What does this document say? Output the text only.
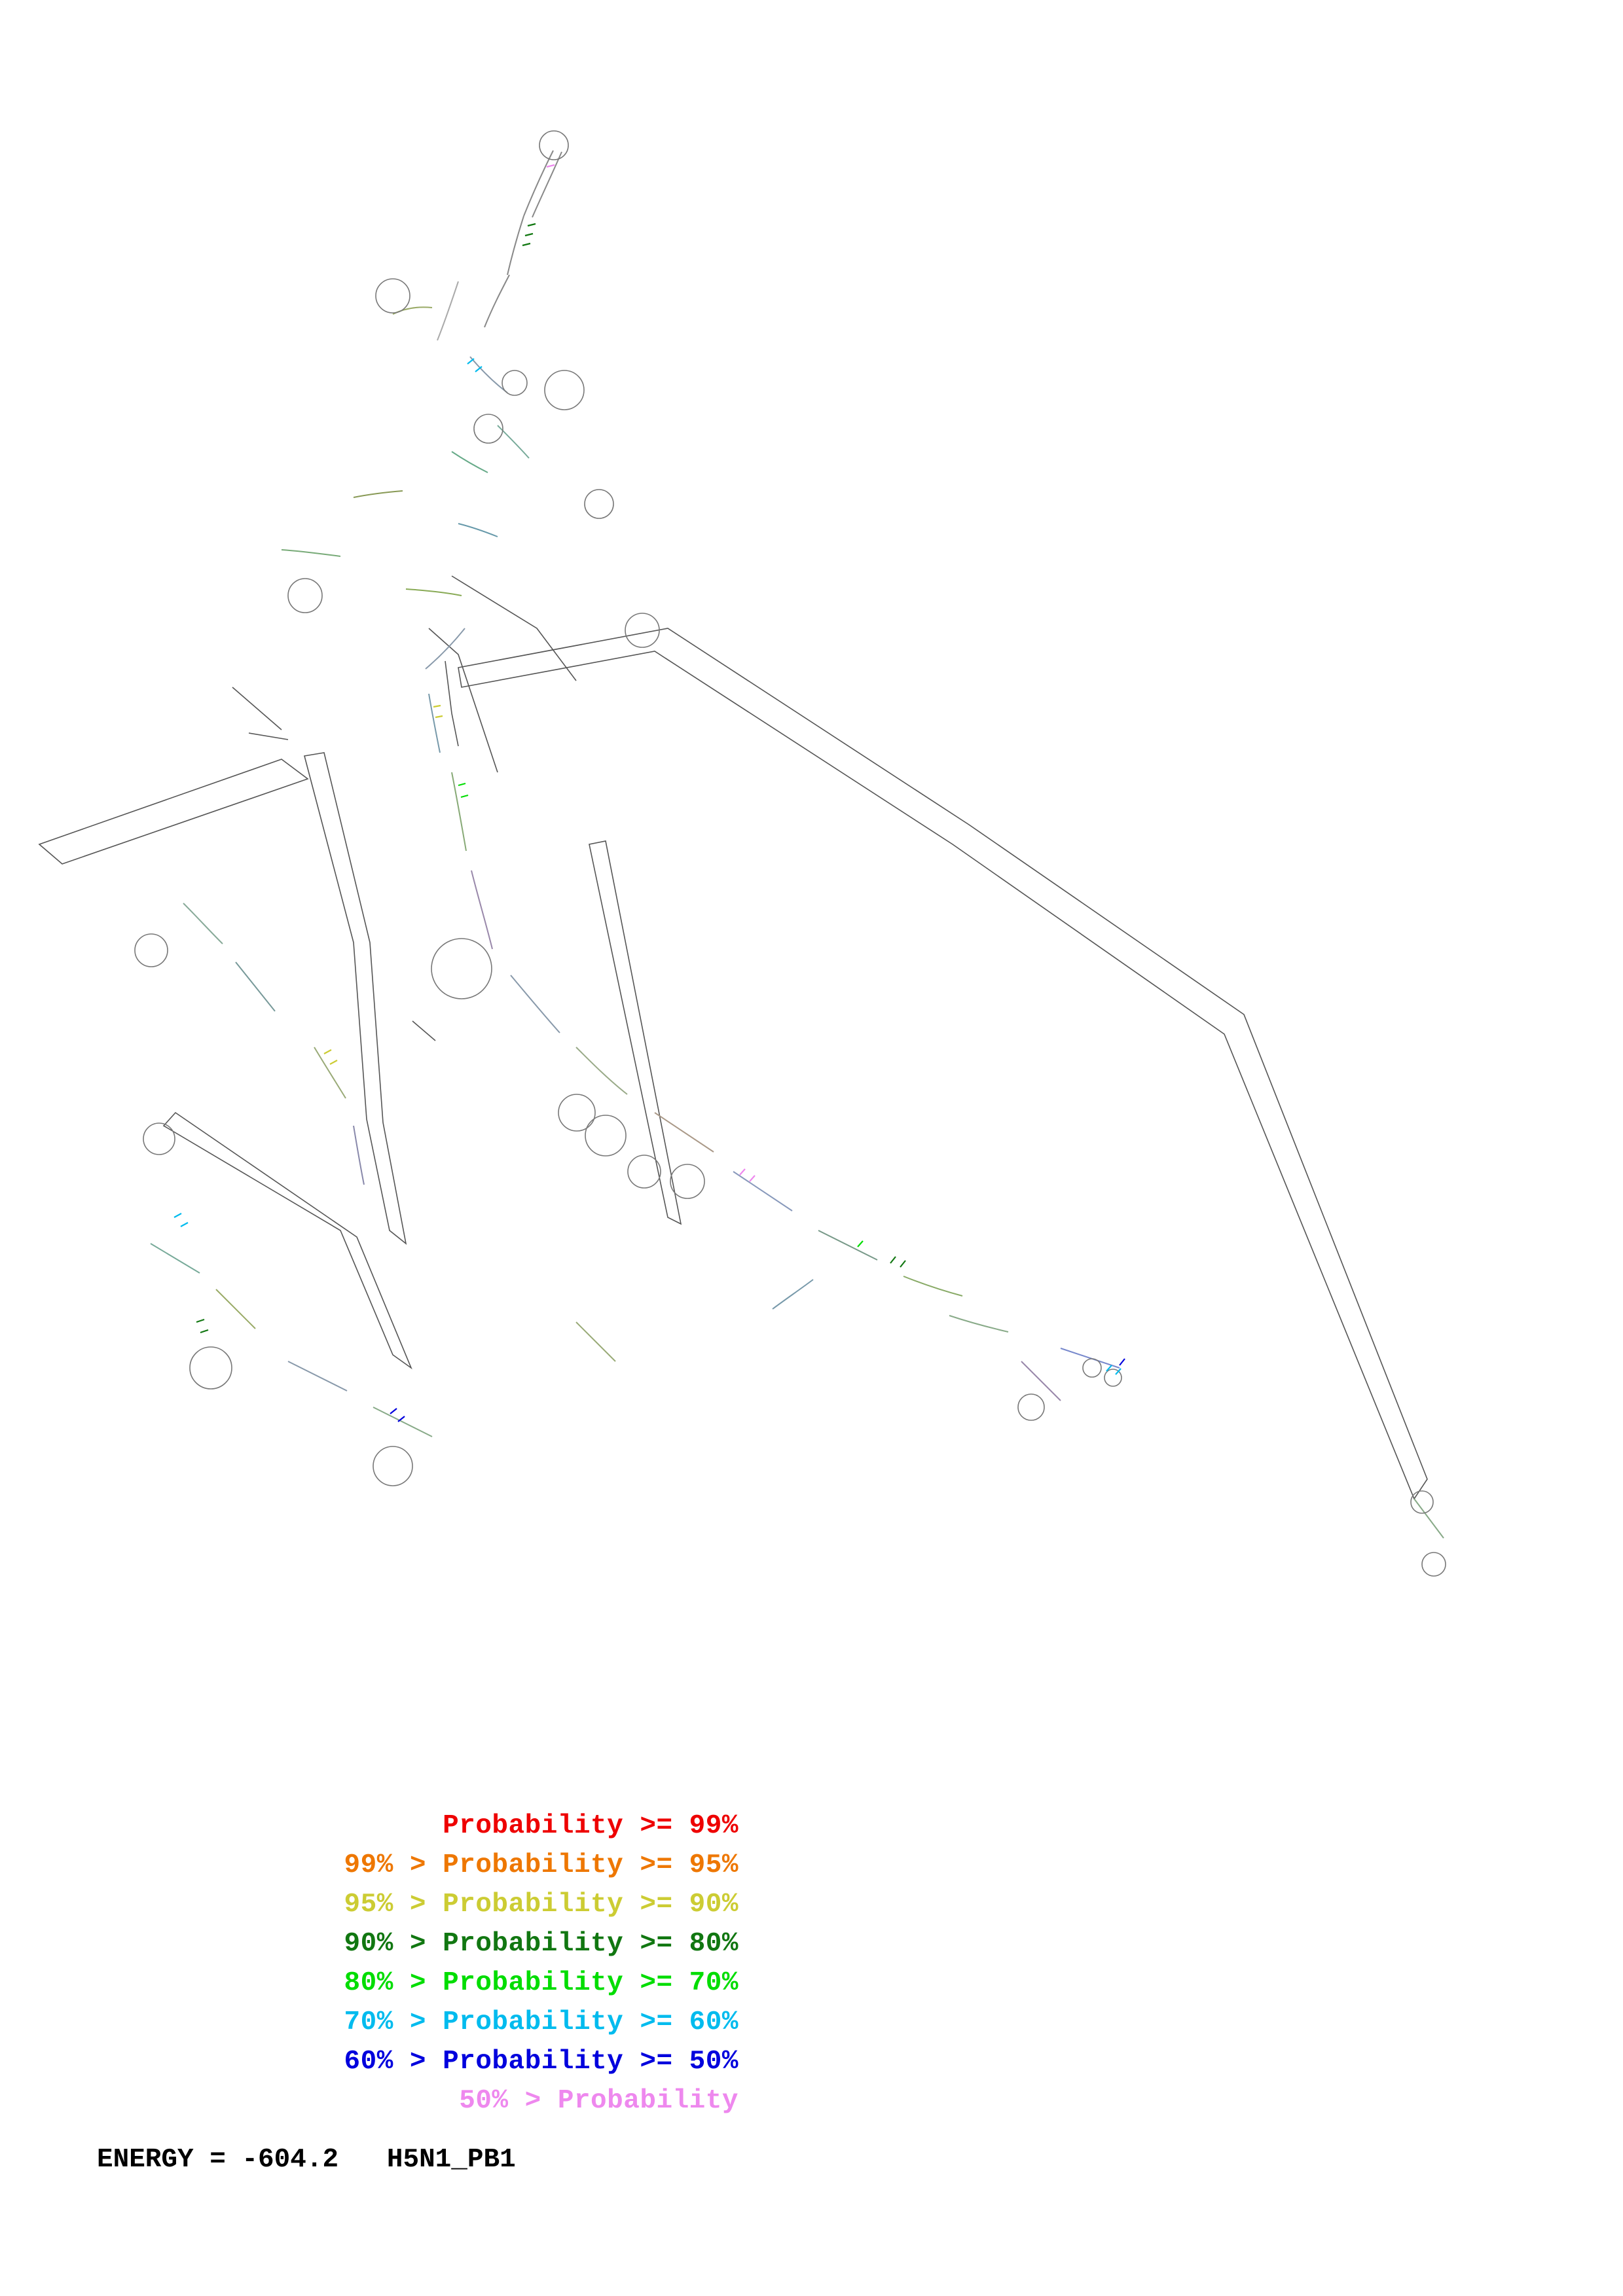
Probability >= 99%
99% > Probability >= 95%
95% > Probability >= 90%
90% > Probability >= 80%
80% > Probability >= 70%
70% > Probability >= 60%
60% > Probability >= 50%
50% > Probability
ENERGY = -604.2   H5N1_PB1
